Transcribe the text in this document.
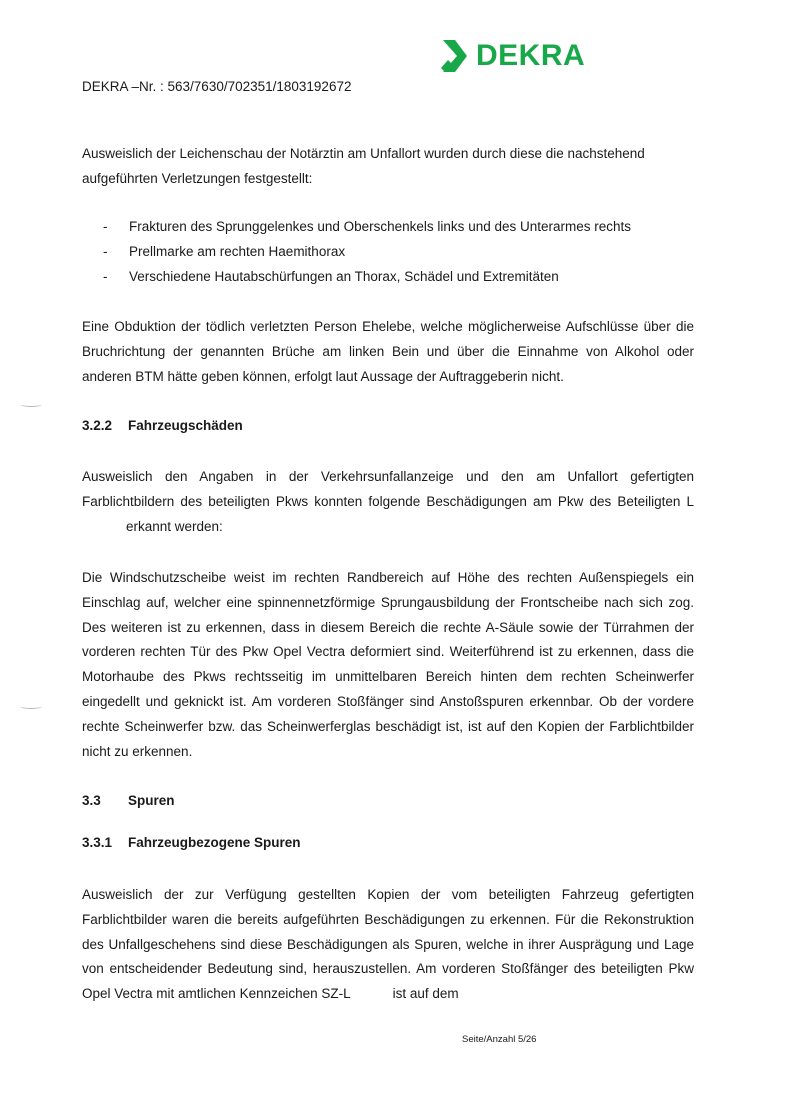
DEKRA
DEKRA –Nr. : 563/7630/702351/1803192672
Ausweislich der Leichenschau der Notärztin am Unfallort wurden durch diese die nachstehend aufgeführten Verletzungen festgestellt:
- Frakturen des Sprunggelenkes und Oberschenkels links und des Unterarmes rechts
- Prellmarke am rechten Haemithorax
- Verschiedene Hautabschürfungen an Thorax, Schädel und Extremitäten
Eine Obduktion der tödlich verletzten Person Ehelebe, welche möglicherweise Aufschlüsse über die Bruchrichtung der genannten Brüche am linken Bein und über die Einnahme von Alkohol oder anderen BTM hätte geben können, erfolgt laut Aussage der Auftraggeberin nicht.
3.2.2 Fahrzeugschäden
Ausweislich den Angaben in der Verkehrsunfallanzeige und den am Unfallort gefertigten Farblichtbildern des beteiligten Pkws konnten folgende Beschädigungen am Pkw des Beteiligten Lerkannt werden:
Die Windschutzscheibe weist im rechten Randbereich auf Höhe des rechten Außenspiegels ein Einschlag auf, welcher eine spinnennetzförmige Sprungausbildung der Frontscheibe nach sich zog. Des weiteren ist zu erkennen, dass in diesem Bereich die rechte A-Säule sowie der Türrahmen der vorderen rechten Tür des Pkw Opel Vectra deformiert sind. Weiterführend ist zu erkennen, dass die Motorhaube des Pkws rechtsseitig im unmittelbaren Bereich hinten dem rechten Scheinwerfer eingedellt und geknickt ist. Am vorderen Stoßfänger sind Anstoßspuren erkennbar. Ob der vordere rechte Scheinwerfer bzw. das Scheinwerferglas beschädigt ist, ist auf den Kopien der Farblichtbilder nicht zu erkennen.
3.3 Spuren
3.3.1 Fahrzeugbezogene Spuren
Ausweislich der zur Verfügung gestellten Kopien der vom beteiligten Fahrzeug gefertigten Farblichtbilder waren die bereits aufgeführten Beschädigungen zu erkennen. Für die Rekonstruktion des Unfallgeschehens sind diese Beschädigungen als Spuren, welche in ihrer Ausprägung und Lage von entscheidender Bedeutung sind, herauszustellen. Am vorderen Stoßfänger des beteiligten Pkw Opel Vectra mit amtlichen Kennzeichen SZ-L	ist auf dem
Seite/Anzahl 5/26
